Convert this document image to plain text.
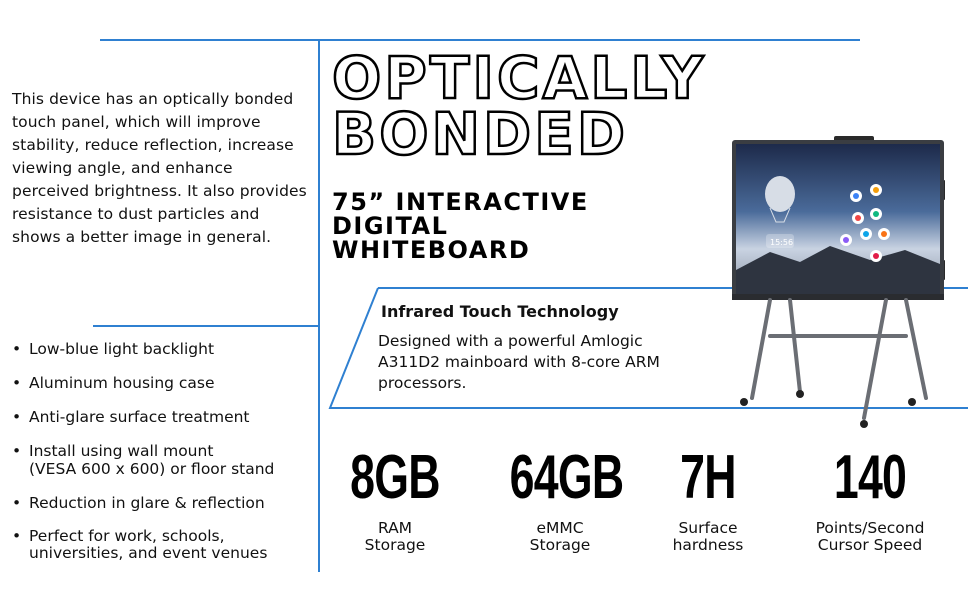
This device has an optically bonded touch panel, which will improve stability, reduce reflection, increase viewing angle, and enhance perceived brightness. It also provides resistance to dust particles and shows a better image in general.

• Low-blue light backlight
• Aluminum housing case
• Anti-glare surface treatment
• Install using wall mount
(VESA 600 x 600) or floor stand
• Reduction in glare & reflection
• Perfect for work, schools,
universities, and event venues
OPTICALLY
BONDED
75” INTERACTIVE
DIGITAL
WHITEBOARD
Infrared Touch Technology
Designed with a powerful Amlogic A311D2 mainboard with 8-core ARM processors.
15:56
8GB
RAM
Storage
64GB
eMMC
Storage
7H
Surface
hardness
140
Points/Second
Cursor Speed
